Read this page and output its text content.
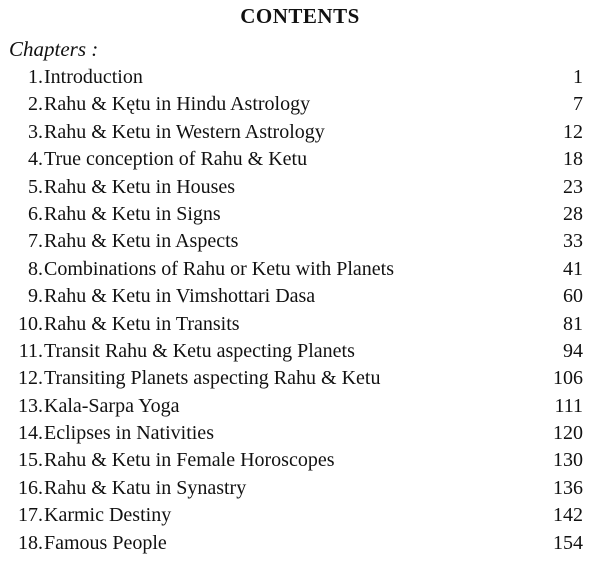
CONTENTS
Chapters :
1. Introduction	1
2. Rahu & Kętu in Hindu Astrology	7
3. Rahu & Ketu in Western Astrology	12
4. True conception of Rahu & Ketu	18
5. Rahu & Ketu in Houses	23
6. Rahu & Ketu in Signs	28
7. Rahu & Ketu in Aspects	33
8. Combinations of Rahu or Ketu with Planets	41
9. Rahu & Ketu in Vimshottari Dasa	60
10. Rahu & Ketu in Transits	81
11. Transit Rahu & Ketu aspecting Planets	94
12. Transiting Planets aspecting Rahu & Ketu	106
13. Kala-Sarpa Yoga	111
14. Eclipses in Nativities	120
15. Rahu & Ketu in Female Horoscopes	130
16. Rahu & Katu in Synastry	136
17. Karmic Destiny	142
18. Famous People	154
